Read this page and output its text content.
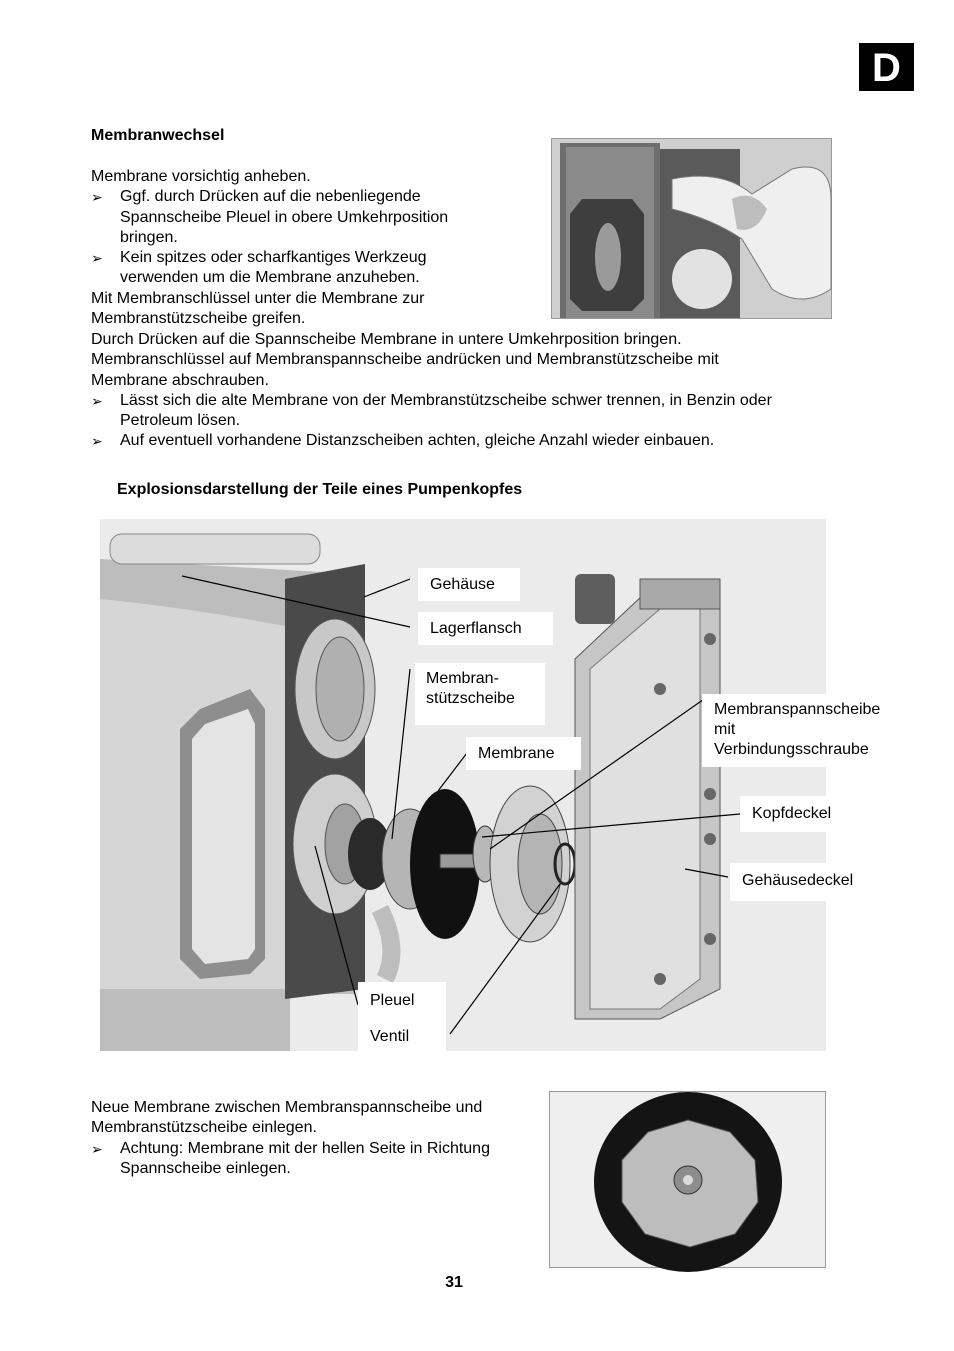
D
Membranwechsel
Membrane vorsichtig anheben.
➢ Ggf. durch Drücken auf die nebenliegende
Spannscheibe Pleuel in obere Umkehrposition
bringen.
➢ Kein spitzes oder scharfkantiges Werkzeug
verwenden um die Membrane anzuheben.
Mit Membranschlüssel unter die Membrane zur
Membranstützscheibe greifen.
Durch Drücken auf die Spannscheibe Membrane in untere Umkehrposition bringen.
Membranschlüssel auf Membranspannscheibe andrücken und Membranstützscheibe mit
Membrane abschrauben.
➢ Lässt sich die alte Membrane von der Membranstützscheibe schwer trennen, in Benzin oder
Petroleum lösen.
➢ Auf eventuell vorhandene Distanzscheiben achten, gleiche Anzahl wieder einbauen.
Explosionsdarstellung der Teile eines Pumpenkopfes
Gehäuse
Lagerflansch
Membran-
stützscheibe
Membrane
Membranspannscheibe
mit
Verbindungsschraube
Kopfdeckel
Gehäusedeckel
Pleuel
Ventil
Neue Membrane zwischen Membranspannscheibe und
Membranstützscheibe einlegen.
➢ Achtung: Membrane mit der hellen Seite in Richtung
Spannscheibe einlegen.
31
